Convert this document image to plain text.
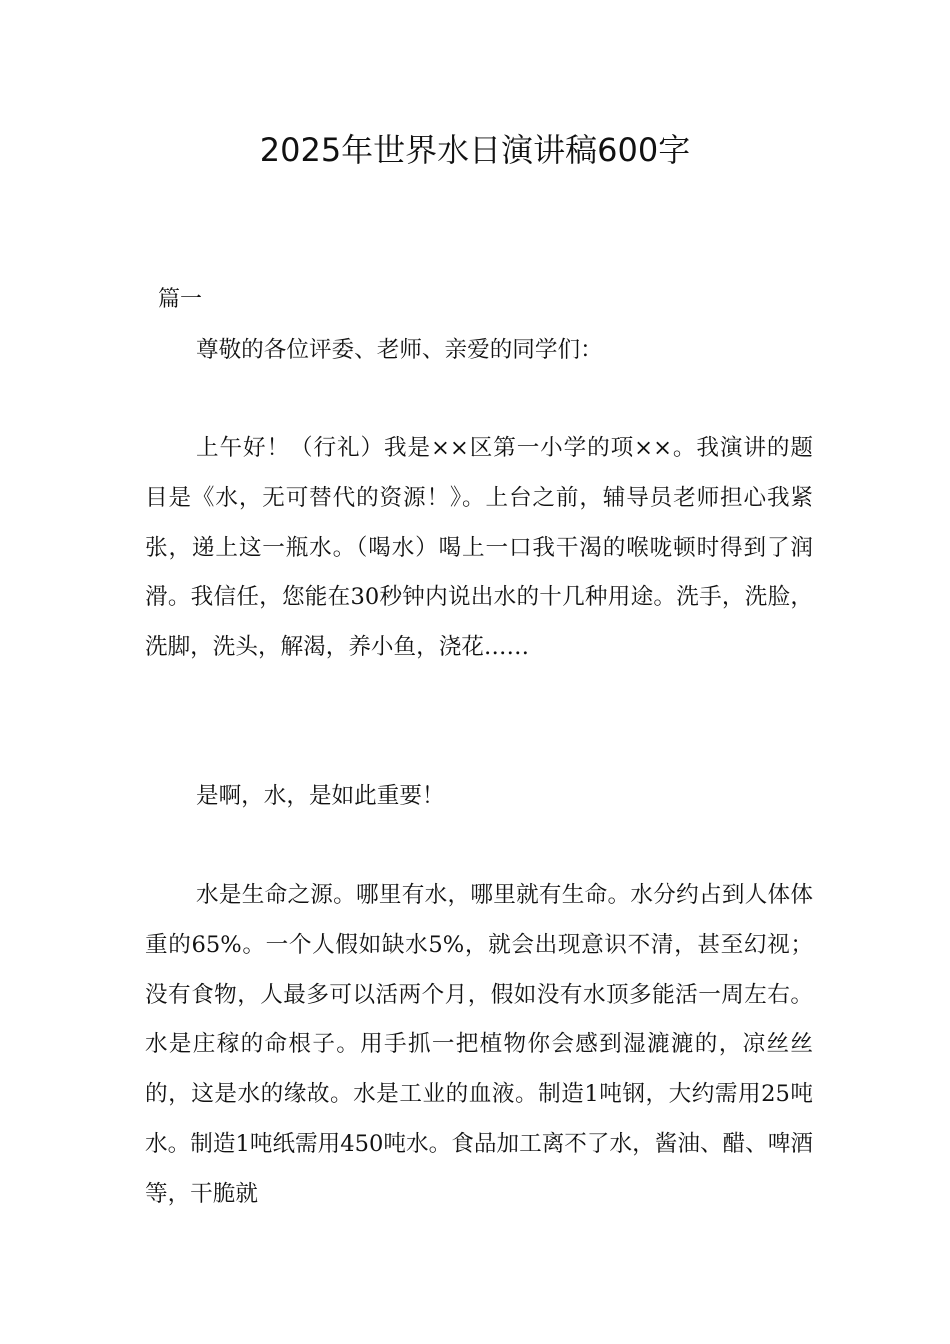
2025年世界水日演讲稿600字
篇一

尊敬的各位评委、老师、亲爱的同学们：

上午好！（行礼）我是××区第一小学的项××。我演讲的题目是《水，无可替代的资源！》。上台之前，辅导员老师担心我紧张，递上这一瓶水。（喝水）喝上一口我干渴的喉咙顿时得到了润滑。我信任，您能在30秒钟内说出水的十几种用途。洗手，洗脸，洗脚，洗头，解渴，养小鱼，浇花……

是啊，水，是如此重要！

水是生命之源。哪里有水，哪里就有生命。水分约占到人体体重的65%。一个人假如缺水5%，就会出现意识不清，甚至幻视；没有食物，人最多可以活两个月，假如没有水顶多能活一周左右。水是庄稼的命根子。用手抓一把植物你会感到湿漉漉的，凉丝丝的，这是水的缘故。水是工业的血液。制造1吨钢，大约需用25吨水。制造1吨纸需用450吨水。食品加工离不了水，酱油、醋、啤酒等，干脆就
